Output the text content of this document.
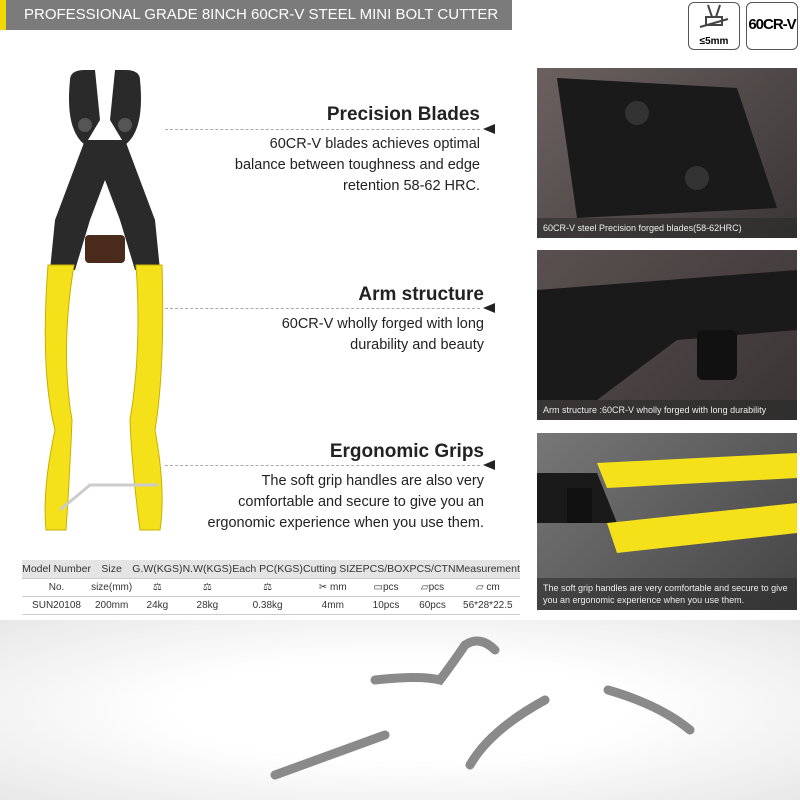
PROFESSIONAL GRADE 8INCH 60CR-V STEEL MINI BOLT CUTTER
≤5mm
60CR-V
Precision Blades

60CR-V blades achieves optimal balance between toughness and edge retention 58-62 HRC.

Arm structure

60CR-V wholly forged with long durability and beauty

Ergonomic Grips

The soft grip handles are also very comfortable and secure to give you an ergonomic experience when you use them.

60CR-V steel Precision forged blades(58-62HRC)
Arm structure :60CR-V wholly forged with long durability
The soft grip handles are very comfortable and secure to give you an ergonomic experience when you use them.
Model Number	Size	G.W(KGS)	N.W(KGS)	Each PC(KGS)	Cutting SIZE	PCS/BOX	PCS/CTN	Measurement
No.	size(mm)	⚖	⚖	⚖	✂ mm	▭pcs	▱pcs	▱ cm
SUN20108	200mm	24kg	28kg	0.38kg	4mm	10pcs	60pcs	56*28*22.5
